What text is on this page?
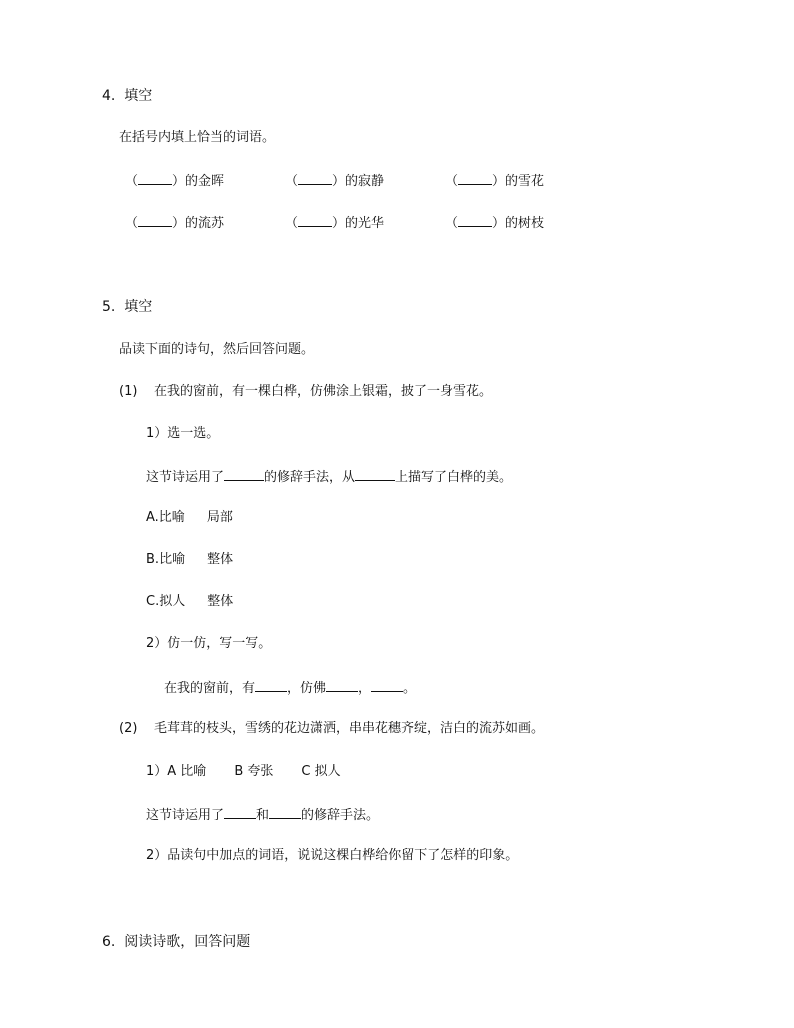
4. 填空
在括号内填上恰当的词语。
（	）的金晖	（	）的寂静	（	）的雪花
（	）的流苏	（	）的光华	（	）的树枝
5. 填空
品读下面的诗句，然后回答问题。
(1) 在我的窗前，有一棵白桦，仿佛涂上银霜，披了一身雪花。
1）选一选。
这节诗运用了	的修辞手法，从	上描写了白桦的美。
A.比喻 局部
B.比喻 整体
C.拟人 整体
2）仿一仿，写一写。
在我的窗前，有 ，仿佛 ， 。
(2) 毛茸茸的枝头，雪绣的花边潇洒，串串花穗齐绽，洁白的流苏如画。
1）A 比喻 B 夸张 C 拟人
这节诗运用了 和 的修辞手法。
2）品读句中加点的词语，说说这棵白桦给你留下了怎样的印象。
6. 阅读诗歌，回答问题
